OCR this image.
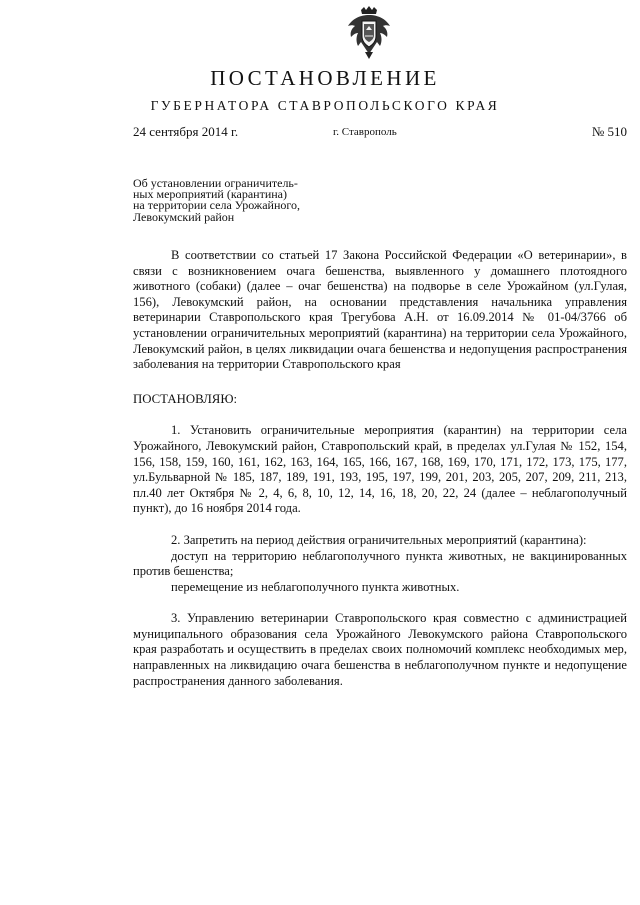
ПОСТАНОВЛЕНИЕ
ГУБЕРНАТОРА СТАВРОПОЛЬСКОГО КРАЯ
24 сентября 2014 г.	г. Ставрополь	№ 510
Об установлении ограничитель-
ных мероприятий (карантина)
на территории села Урожайного,
Левокумский район

В соответствии со статьей 17 Закона Российской Федерации «О ветеринарии», в связи с возникновением очага бешенства, выявленного у домашнего плотоядного животного (собаки) (далее – очаг бешенства) на подворье в селе Урожайном (ул.Гулая, 156), Левокумский район, на основании представления начальника управления ветеринарии Ставропольского края Трегубова А.Н. от 16.09.2014 № 01-04/3766 об установлении ограничительных мероприятий (карантина) на территории села Урожайного, Левокумский район, в целях ликвидации очага бешенства и недопущения распространения заболевания на территории Ставропольского края

ПОСТАНОВЛЯЮ:

1. Установить ограничительные мероприятия (карантин) на территории села Урожайного, Левокумский район, Ставропольский край, в пределах ул.Гулая № 152, 154, 156, 158, 159, 160, 161, 162, 163, 164, 165, 166, 167, 168, 169, 170, 171, 172, 173, 175, 177, ул.Бульварной № 185, 187, 189, 191, 193, 195, 197, 199, 201, 203, 205, 207, 209, 211, 213, пл.40 лет Октября № 2, 4, 6, 8, 10, 12, 14, 16, 18, 20, 22, 24 (далее – неблагополучный пункт), до 16 ноября 2014 года.

2. Запретить на период действия ограничительных мероприятий (карантина):

доступ на территорию неблагополучного пункта животных, не вакцинированных против бешенства;

перемещение из неблагополучного пункта животных.

3. Управлению ветеринарии Ставропольского края совместно с администрацией муниципального образования села Урожайного Левокумского района Ставропольского края разработать и осуществить в пределах своих полномочий комплекс необходимых мер, направленных на ликвидацию очага бешенства в неблагополучном пункте и недопущение распространения данного заболевания.
